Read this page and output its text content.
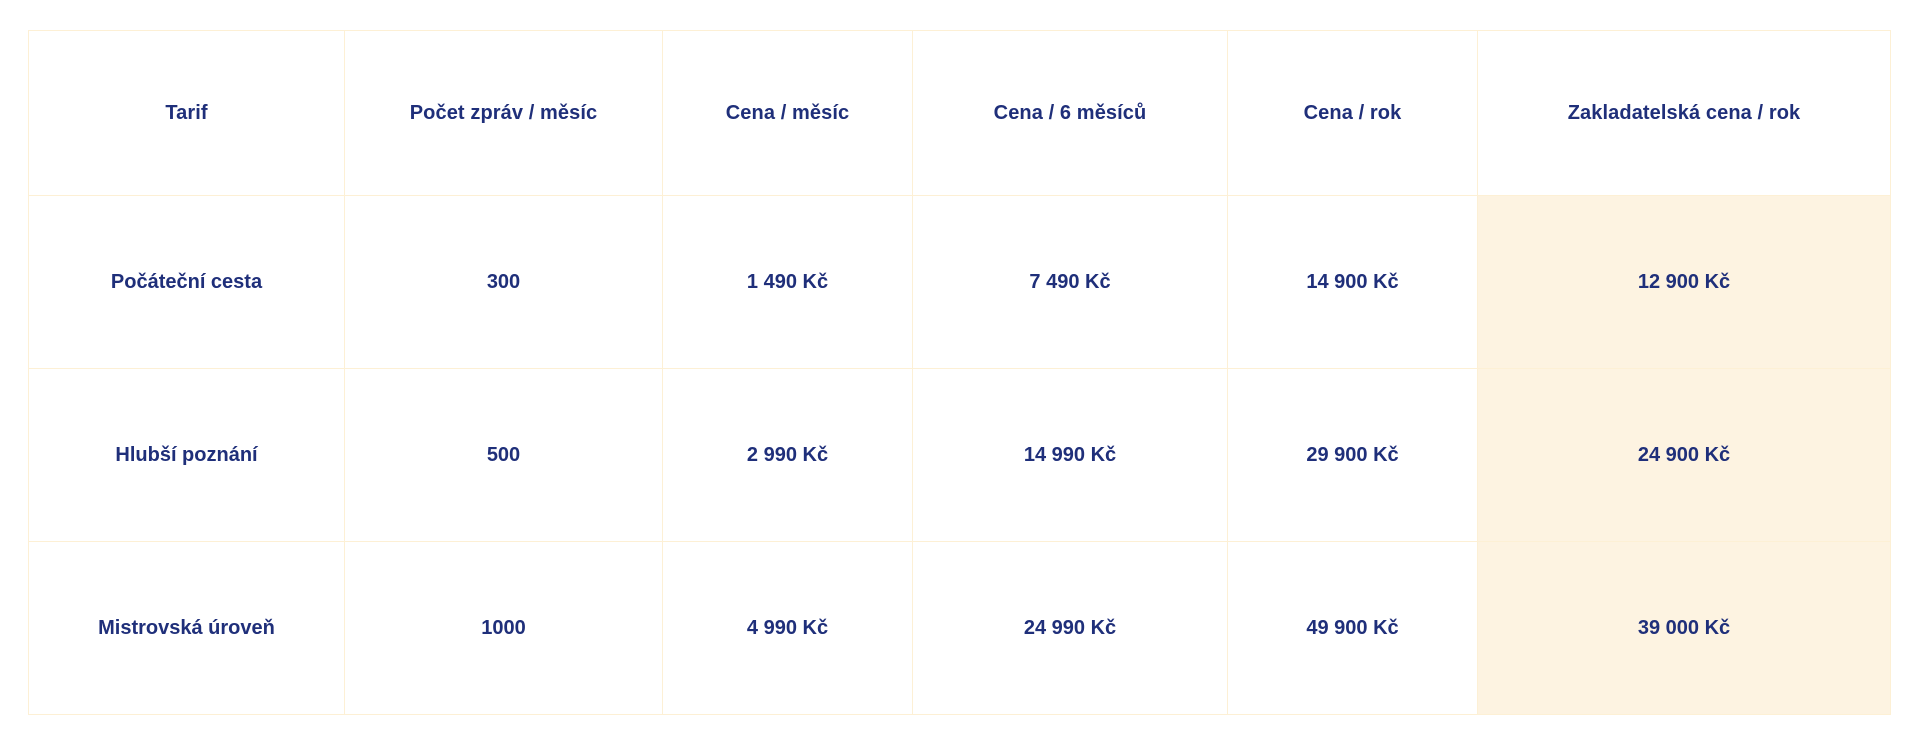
Tarif	Počet zpráv / měsíc	Cena / měsíc	Cena / 6 měsíců	Cena / rok	Zakladatelská cena / rok
Počáteční cesta	300	1 490 Kč	7 490 Kč	14 900 Kč	12 900 Kč
Hlubší poznání	500	2 990 Kč	14 990 Kč	29 900 Kč	24 900 Kč
Mistrovská úroveň	1000	4 990 Kč	24 990 Kč	49 900 Kč	39 000 Kč
